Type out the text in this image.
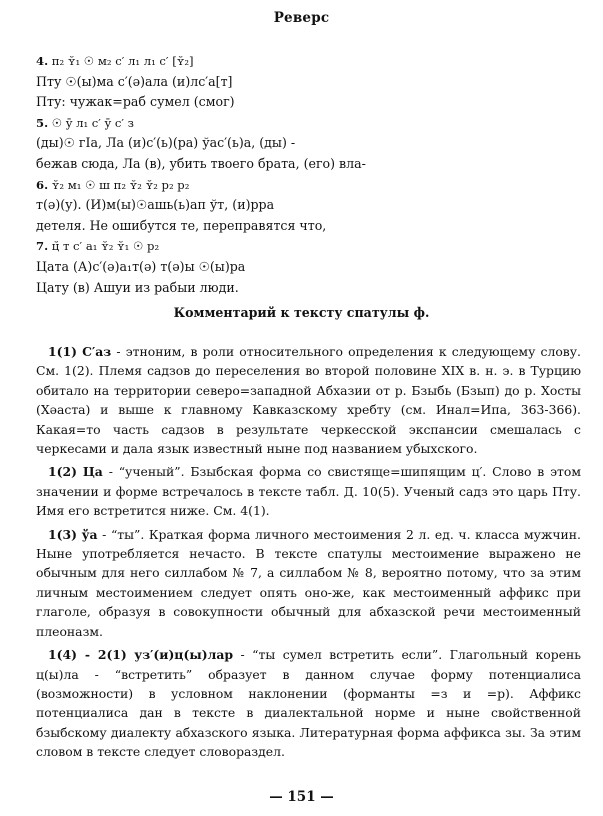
Реверс
4. п₂ ʏ̆₁ ☉ м₂ с′ л₁ л₁ с′ [ʏ̆₂]
Пту ☉(ы)ма с′(ә)ала (и)лс′а[т]
Пту: чужак=раб сумел (смог)
5. ☉ ȳ л₁ с′ ȳ с′ з
(ды)☉ гІа, Ла (и)с′(ь)(ра) ўас′(ь)а, (ды) -
бежав сюда, Ла (в), убить твоего брата, (его) вла-
6. ʏ̆₂ м₁ ☉ ш п₂ ʏ̆₂ ʏ̆₂ р₂ р₂
т(ә)(у). (И)м(ы)☉ашь(ь)ап ўт, (и)рра
детеля. Не ошибутся те, переправятся что,
7. ц̆ т с′ а₁ ʏ̆₂ ʏ̆₁ ☉ р₂
Цата (А)с′(ә)а₁т(ә) т(ә)ы ☉(ы)ра
Цату (в) Ашуи из рабыи люди.
Комментарий к тексту спатулы ф.

1(1) С′аз - этноним, в роли относительного определения к следующему слову. См. 1(2). Племя садзов до переселения во второй половине XIX в. н. э. в Турцию обитало на территории северо=западной Абхазии от р. Бзыбь (Бзып) до р. Хосты (Хәаста) и выше к главному Кавказскому хребту (см. Инал=Ипа, 363-366). Какая=то часть садзов в результате черкесской экспансии смешалась с черкесами и дала язык известный ныне под названием убыхского.

1(2) Ца - “ученый”. Бзыбская форма со свистяще=шипящим ц′. Слово в этом значении и форме встречалось в тексте табл. Д. 10(5). Ученый садз это царь Пту. Имя его встретится ниже. См. 4(1).

1(3) ўа - “ты”. Краткая форма личного местоимения 2 л. ед. ч. класса мужчин. Ныне употребляется нечасто. В тексте спатулы местоимение выражено не обычным для него силлабом № 7, а силлабом № 8, вероятно потому, что за этим личным местоимением следует опять оно-же, как местоименный аффикс при глаголе, образуя в совокупности обычный для абхазской речи местоименный плеоназм.

1(4) - 2(1) уз′(и)ц(ы)лар - “ты сумел встретить если”. Глагольный корень ц(ы)ла - “встретить” образует в данном случае форму потенциалиса (возможности) в условном наклонении (форманты =з и =р). Аффикс потенциалиса дан в тексте в диалектальной норме и ныне свойственной бзыбскому диалекту абхазского языка. Литературная форма аффикса зы. За этим словом в тексте следует словораздел.

— 151 —
